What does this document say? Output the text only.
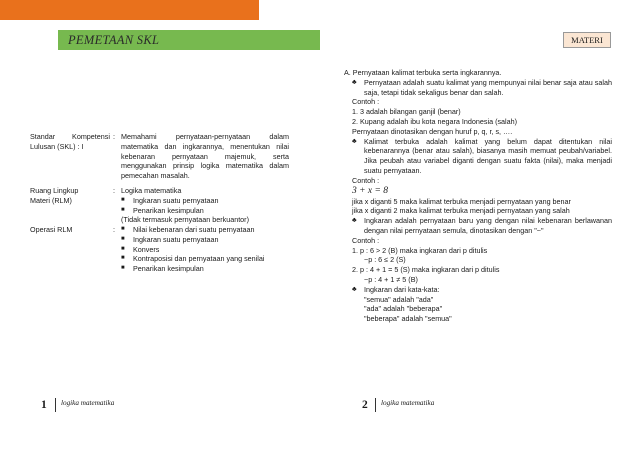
PEMETAAN SKL	MATERI
Standar Kompetensi
Lulusan (SKL) : I
: Memahami pernyataan-pernyataan dalam matematika dan ingkarannya, menentukan nilai kebenaran pernyataan majemuk, serta menggunakan prinsip logika matematika dalam pemecahan masalah.
Ruang Lingkup
Materi (RLM)
: Logika matematika
■ Ingkaran suatu pernyataan
■ Penarikan kesimpulan
(Tidak termasuk pernyataan berkuantor)
Operasi RLM	:	■ Nilai kebenaran dari suatu pernyataan
■ Ingkaran suatu pernyataan
■ Konvers
■ Kontraposisi dan pernyataan yang senilai
■ Penarikan kesimpulan
A. Pernyataan kalimat terbuka serta ingkarannya.
♣ Pernyataan adalah suatu kalimat yang mempunyai nilai benar saja atau salah saja, tetapi tidak sekaligus benar dan salah.
Contoh :
1. 3 adalah bilangan ganjil (benar)
2. Kupang adalah ibu kota negara Indonesia (salah)
Pernyataan dinotasikan dengan huruf p, q, r, s, ….
♣ Kalimat terbuka adalah kalimat yang belum dapat ditentukan nilai kebenarannya (benar atau salah), biasanya masih memuat peubah/variabel. Jika peubah atau variabel diganti dengan suatu fakta (nilai), maka menjadi suatu pernyataan.
Contoh :
3 + x = 8
jika x diganti 5 maka kalimat terbuka menjadi pernyataan yang benar
jika x diganti 2 maka kalimat terbuka menjadi pernyataan yang salah
♣ Ingkaran adalah pernyataan baru yang dengan nilai kebenaran berlawanan dengan nilai pernyataan semula, dinotasikan dengan "~"
Contoh :
1. p : 6 > 2 (B) maka ingkaran dari p ditulis
~p : 6 ≤ 2 (S)
2. p : 4 + 1 = 5 (S) maka ingkaran dari p ditulis
~p : 4 + 1 ≠ 5 (B)
♣ Ingkaran dari kata-kata:
"semua" adalah "ada"
"ada" adalah "beberapa"
"beberapa" adalah "semua"
1 logika matematika	2 logika matematika
